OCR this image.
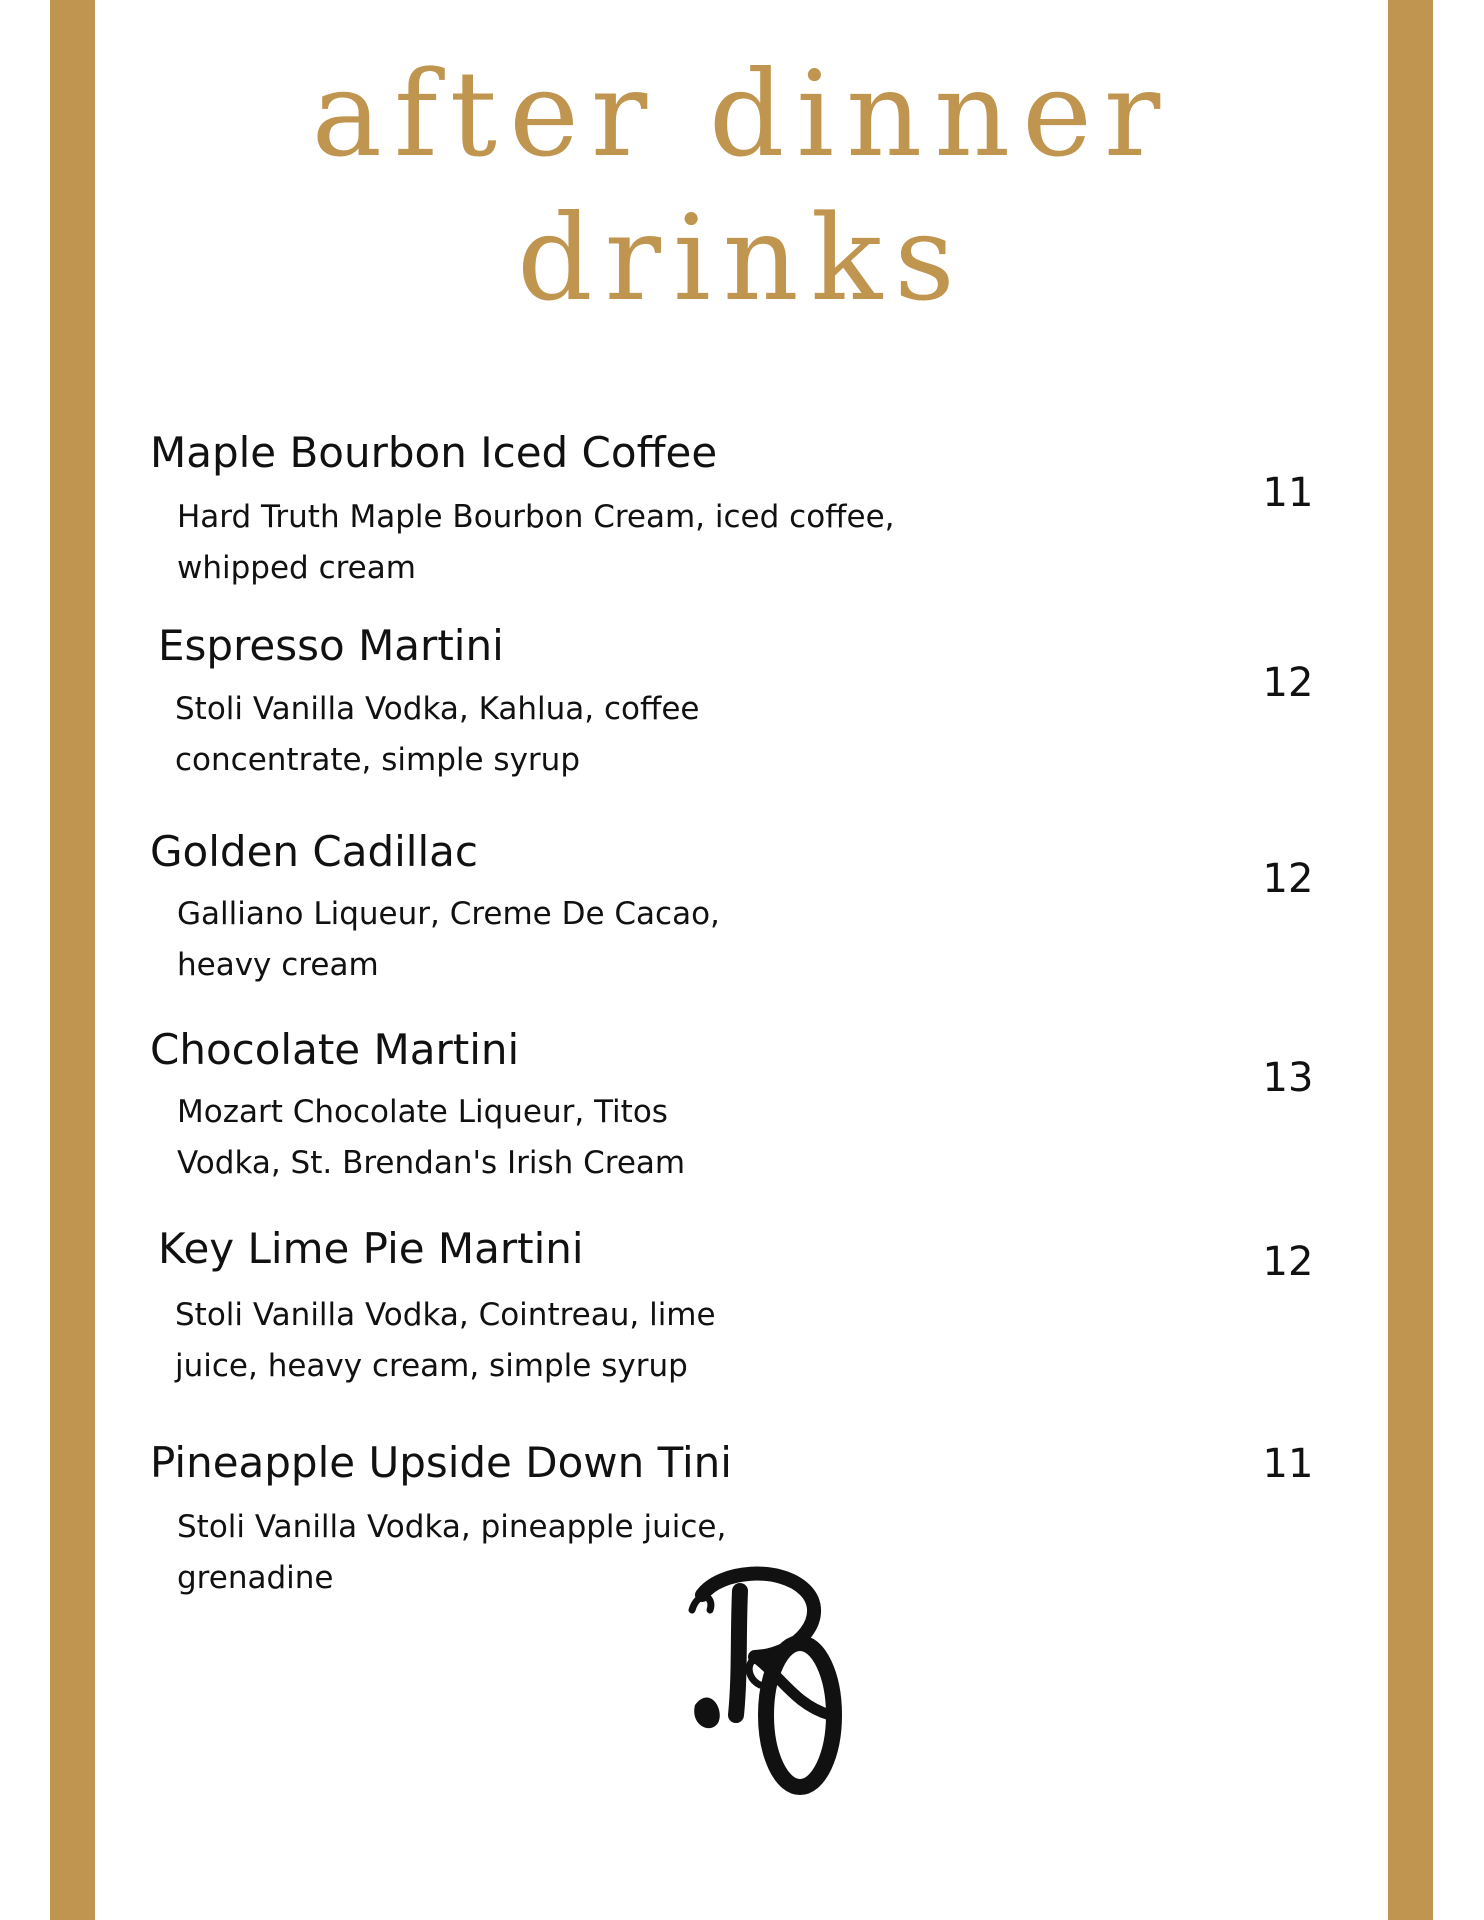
after dinner
drinks
Maple Bourbon Iced Coffee
Hard Truth Maple Bourbon Cream, iced coffee,
whipped cream
11
Espresso Martini
Stoli Vanilla Vodka, Kahlua, coffee
concentrate, simple syrup
12
Golden Cadillac
Galliano Liqueur, Creme De Cacao,
heavy cream
12
Chocolate Martini
Mozart Chocolate Liqueur, Titos
Vodka, St. Brendan's Irish Cream
13
Key Lime Pie Martini
Stoli Vanilla Vodka, Cointreau, lime
juice, heavy cream, simple syrup
12
Pineapple Upside Down Tini
Stoli Vanilla Vodka, pineapple juice,
grenadine
11
